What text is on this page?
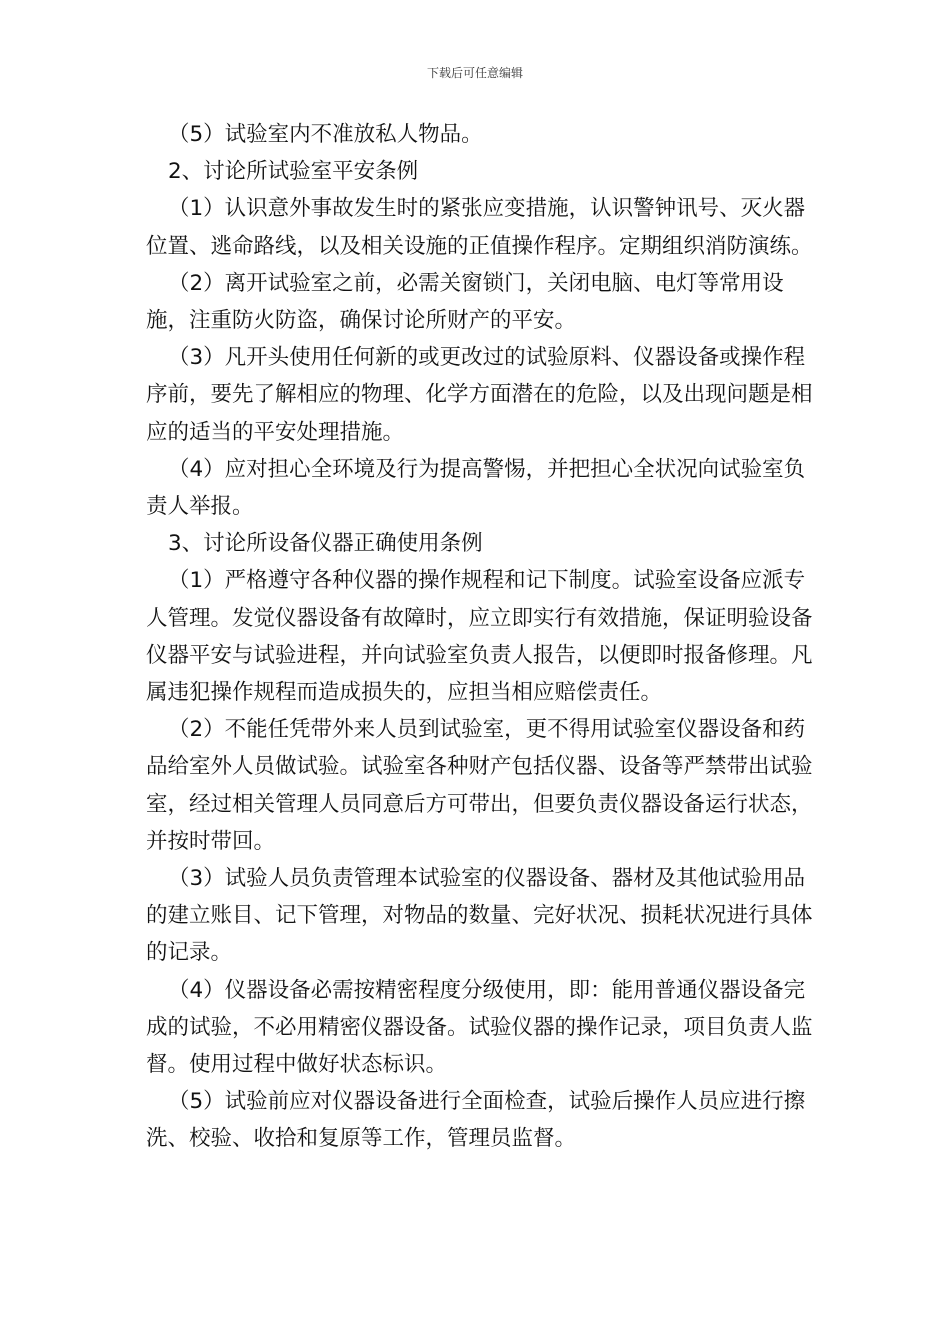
下载后可任意编辑

（5）试验室内不准放私人物品。

2、讨论所试验室平安条例

（1）认识意外事故发生时的紧张应变措施，认识警钟讯号、灭火器位置、逃命路线，以及相关设施的正值操作程序。定期组织消防演练。

（2）离开试验室之前，必需关窗锁门，关闭电脑、电灯等常用设施，注重防火防盗，确保讨论所财产的平安。

（3）凡开头使用任何新的或更改过的试验原料、仪器设备或操作程序前，要先了解相应的物理、化学方面潜在的危险，以及出现问题是相应的适当的平安处理措施。

（4）应对担心全环境及行为提高警惕，并把担心全状况向试验室负责人举报。

3、讨论所设备仪器正确使用条例

（1）严格遵守各种仪器的操作规程和记下制度。试验室设备应派专人管理。发觉仪器设备有故障时，应立即实行有效措施，保证明验设备仪器平安与试验进程，并向试验室负责人报告，以便即时报备修理。凡属违犯操作规程而造成损失的，应担当相应赔偿责任。

（2）不能任凭带外来人员到试验室，更不得用试验室仪器设备和药品给室外人员做试验。试验室各种财产包括仪器、设备等严禁带出试验室，经过相关管理人员同意后方可带出，但要负责仪器设备运行状态，并按时带回。

（3）试验人员负责管理本试验室的仪器设备、器材及其他试验用品的建立账目、记下管理，对物品的数量、完好状况、损耗状况进行具体的记录。

（4）仪器设备必需按精密程度分级使用，即：能用普通仪器设备完成的试验，不必用精密仪器设备。试验仪器的操作记录，项目负责人监督。使用过程中做好状态标识。

（5）试验前应对仪器设备进行全面检查，试验后操作人员应进行擦洗、校验、收拾和复原等工作，管理员监督。
